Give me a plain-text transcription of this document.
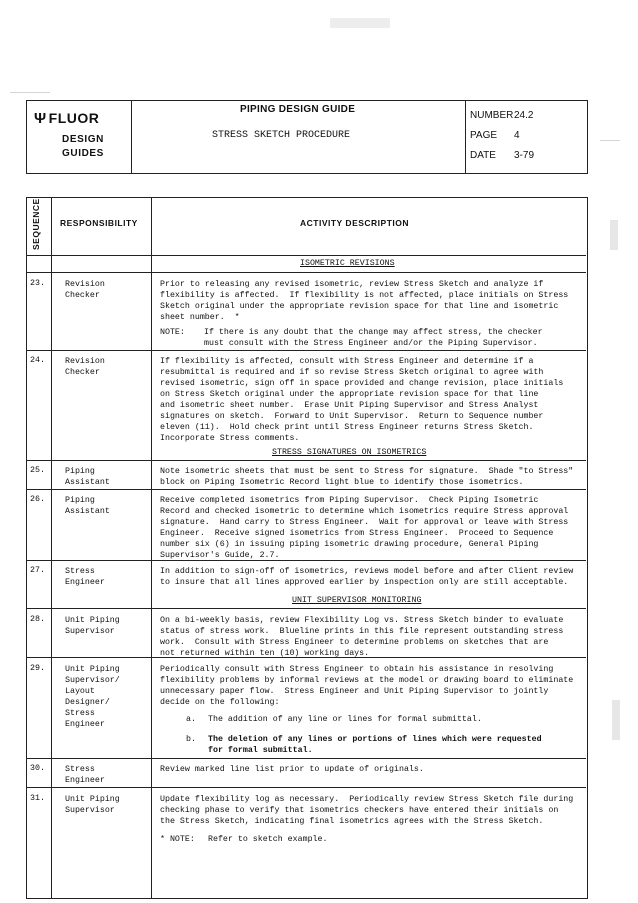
Ψ FLUOR
DESIGN
GUIDES
PIPING DESIGN GUIDE
STRESS SKETCH PROCEDURE
NUMBER 24.2
PAGE 4
DATE 3-79
SEQUENCE RESPONSIBILITY	ACTIVITY DESCRIPTION
ISOMETRIC REVISIONS
23. Revision
Checker
Prior to releasing any revised isometric, review Stress Sketch and analyze if
flexibility is affected.  If flexibility is not affected, place initials on Stress
Sketch original under the appropriate revision space for that line and isometric
sheet number.  *
NOTE: If there is any doubt that the change may affect stress, the checker
must consult with the Stress Engineer and/or the Piping Supervisor.
24. Revision
Checker
If flexibility is affected, consult with Stress Engineer and determine if a
resubmittal is required and if so revise Stress Sketch original to agree with
revised isometric, sign off in space provided and change revision, place initials
on Stress Sketch original under the appropriate revision space for that line
and isometric sheet number.  Erase Unit Piping Supervisor and Stress Analyst
signatures on sketch.  Forward to Unit Supervisor.  Return to Sequence number
eleven (11).  Hold check print until Stress Engineer returns Stress Sketch.
Incorporate Stress comments.
STRESS SIGNATURES ON ISOMETRICS
25. Piping
Assistant
Note isometric sheets that must be sent to Stress for signature.  Shade "to Stress"
block on Piping Isometric Record light blue to identify those isometrics.
26. Piping
Assistant
Receive completed isometrics from Piping Supervisor.  Check Piping Isometric
Record and checked isometric to determine which isometrics require Stress approval
signature.  Hand carry to Stress Engineer.  Wait for approval or leave with Stress
Engineer.  Receive signed isometrics from Stress Engineer.  Proceed to Sequence
number six (6) in issuing piping isometric drawing procedure, General Piping
Supervisor's Guide, 2.7.
27. Stress
Engineer
In addition to sign-off of isometrics, reviews model before and after Client review
to insure that all lines approved earlier by inspection only are still acceptable.
UNIT SUPERVISOR MONITORING
28. Unit Piping
Supervisor
On a bi-weekly basis, review Flexibility Log vs. Stress Sketch binder to evaluate
status of stress work.  Blueline prints in this file represent outstanding stress
work.  Consult with Stress Engineer to determine problems on sketches that are
not returned within ten (10) working days.
29. Unit Piping
Supervisor/
Layout
Designer/
Stress
Engineer
Periodically consult with Stress Engineer to obtain his assistance in resolving
flexibility problems by informal reviews at the model or drawing board to eliminate
unnecessary paper flow.  Stress Engineer and Unit Piping Supervisor to jointly
decide on the following:
a. The addition of any line or lines for formal submittal.
b. The deletion of any lines or portions of lines which were requested
for formal submittal.
30. Stress
Engineer
Review marked line list prior to update of originals.
31. Unit Piping
Supervisor
Update flexibility log as necessary.  Periodically review Stress Sketch file during
checking phase to verify that isometrics checkers have entered their initials on
the Stress Sketch, indicating final isometrics agrees with the Stress Sketch.
* NOTE: Refer to sketch example.
